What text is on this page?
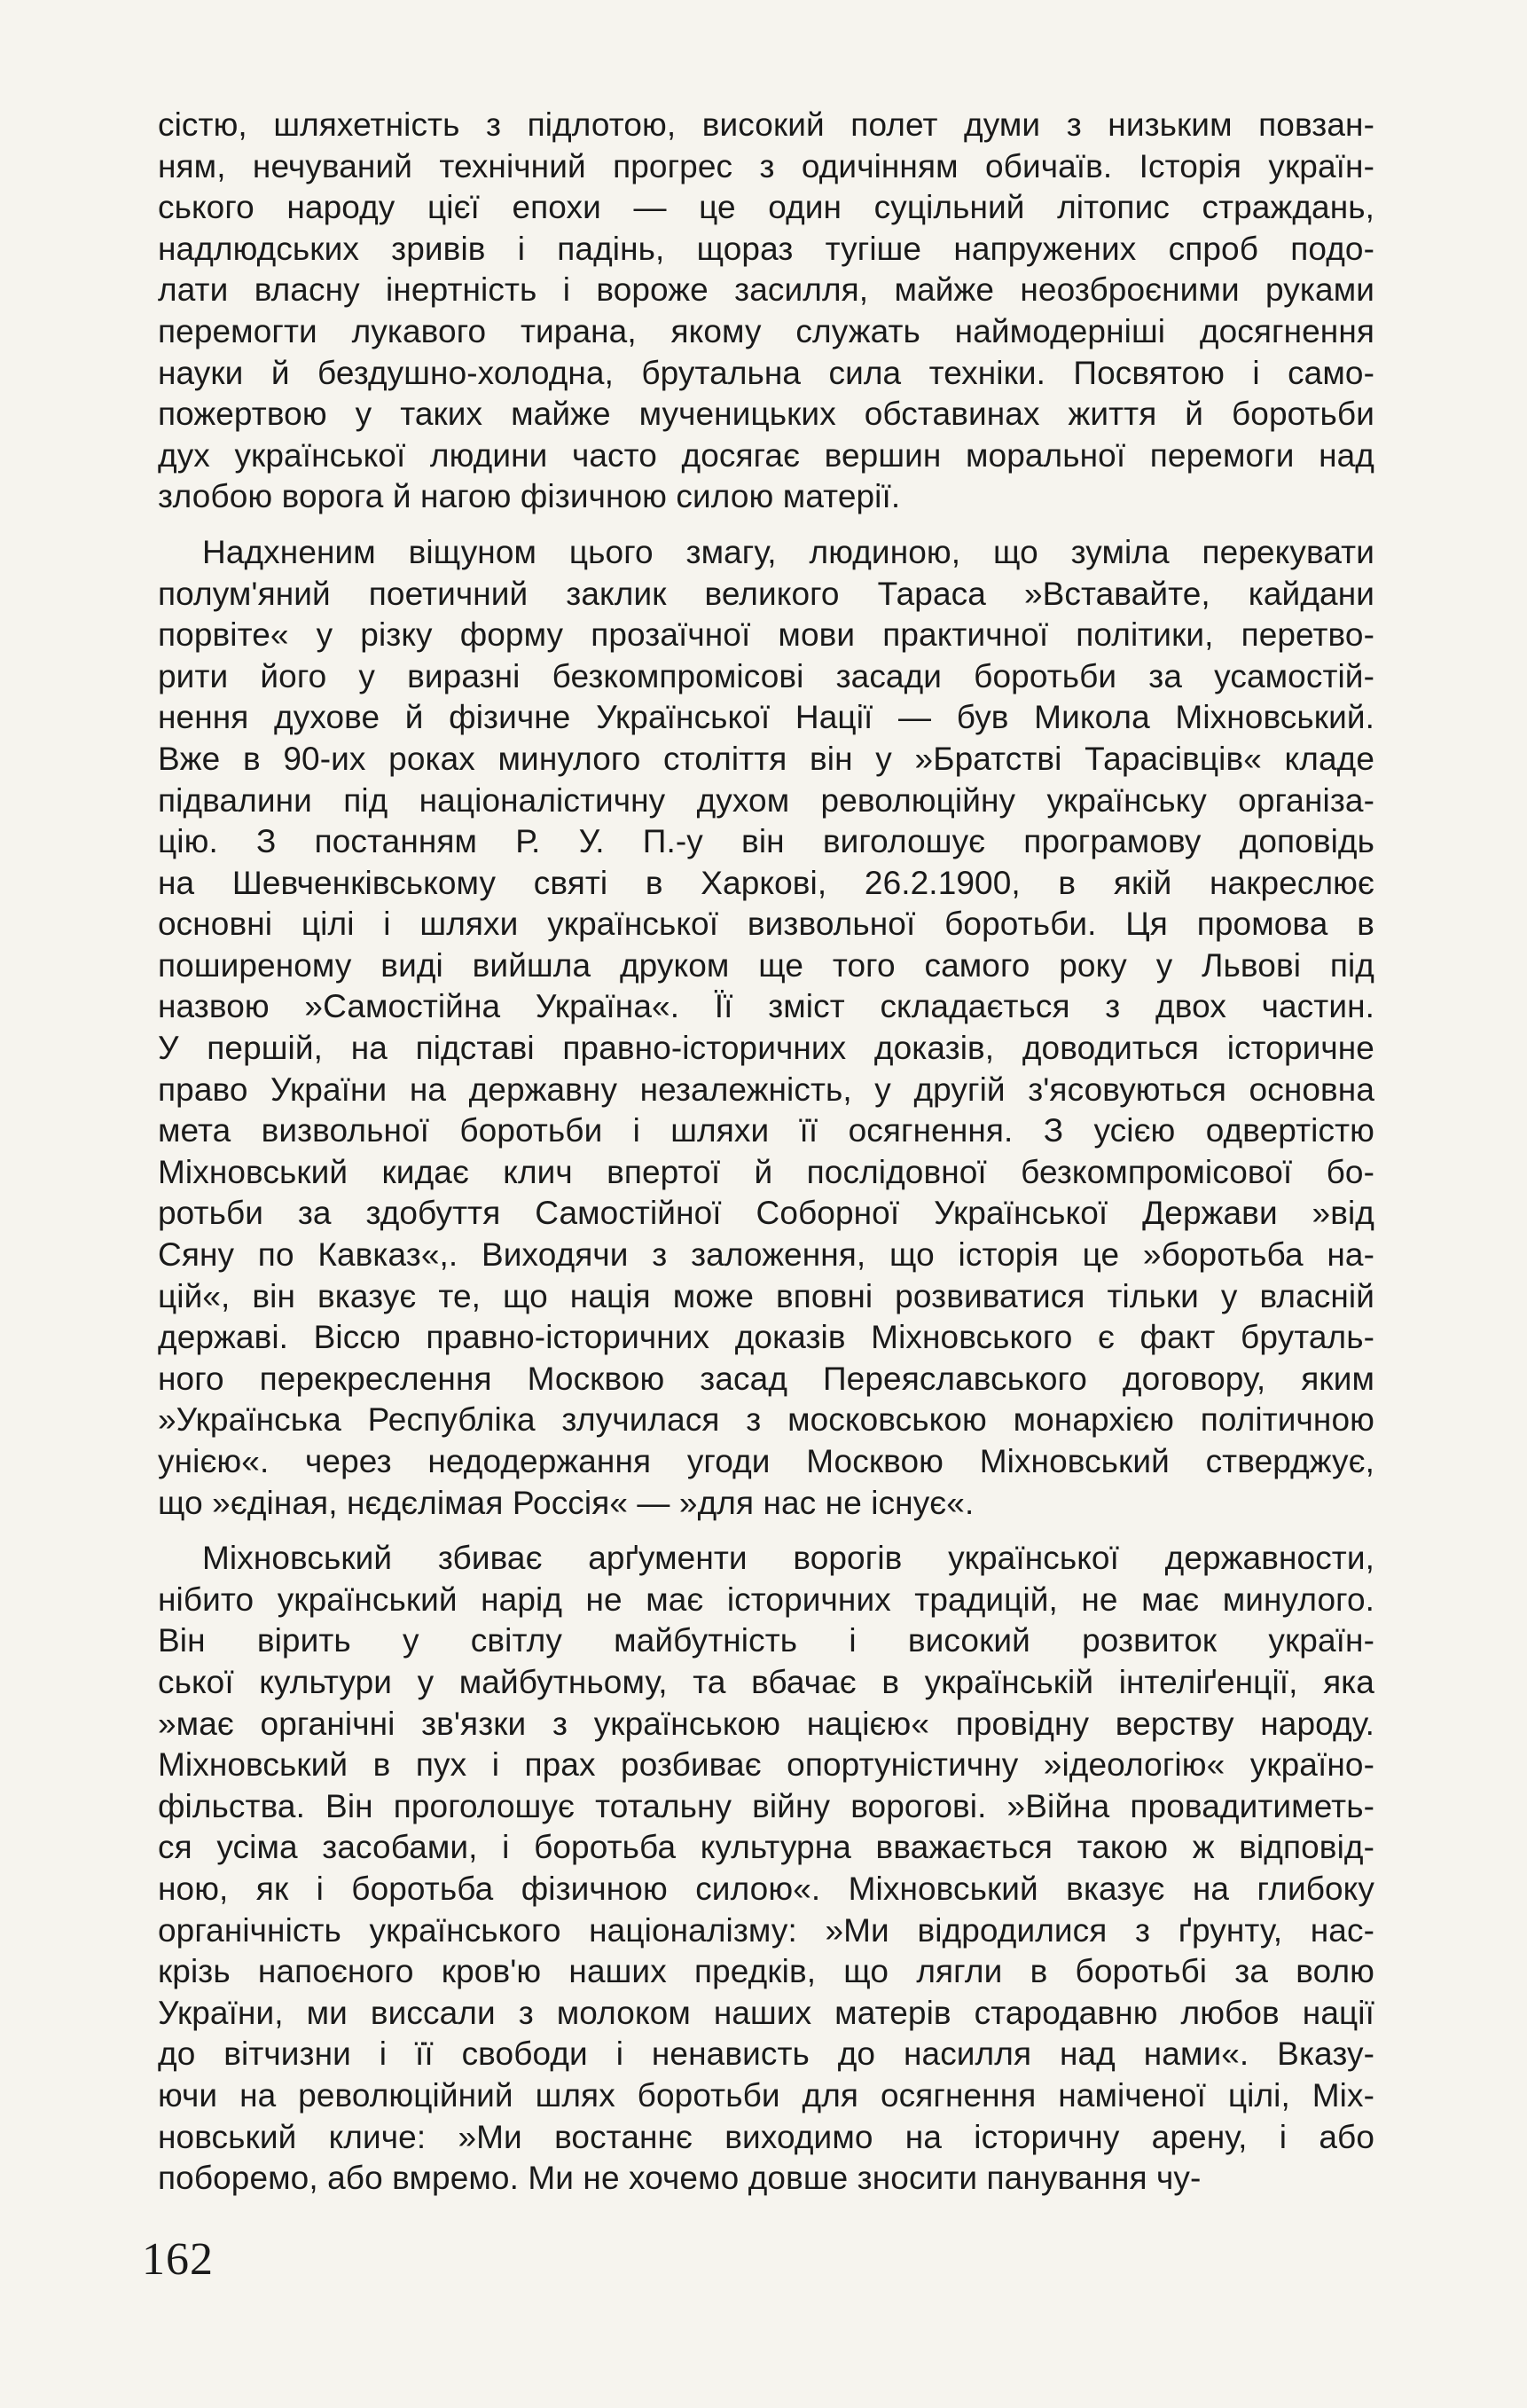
сістю, шляхетність з підлотою, високий полет думи з низьким повзан-
ням, нечуваний технічний прогрес з одичінням обичаїв. Історія україн-
ського народу цієї епохи — це один суцільний літопис страждань,
надлюдських зривів і падінь, щораз тугіше напружених спроб подо-
лати власну інертність і вороже засилля, майже неозброєними руками
перемогти лукавого тирана, якому служать наймодерніші досягнення
науки й бездушно-холодна, брутальна сила техніки. Посвятою і само-
пожертвою у таких майже мученицьких обставинах життя й боротьби
дух української людини часто досягає вершин моральної перемоги над
злобою ворога й нагою фізичною силою матерії.

Надхненим віщуном цього змагу, людиною, що зуміла перекувати
полум'яний поетичний заклик великого Тараса »Вставайте, кайдани
порвіте« у різку форму прозаїчної мови практичної політики, перетво-
рити його у виразні безкомпромісові засади боротьби за усамостій-
нення духове й фізичне Української Нації — був Микола Міхновський.
Вже в 90-их роках минулого століття він у »Братстві Тарасівців« кладе
підвалини під націоналістичну духом революційну українську організа-
цію. З постанням Р. У. П.-у він виголошує програмову доповідь
на Шевченківському святі в Харкові, 26.2.1900, в якій накреслює
основні цілі і шляхи української визвольної боротьби. Ця промова в
поширеному виді вийшла друком ще того самого року у Львові під
назвою »Самостійна Україна«. Її зміст складається з двох частин.
У першій, на підставі правно-історичних доказів, доводиться історичне
право України на державну незалежність, у другій з'ясовуються основна
мета визвольної боротьби і шляхи її осягнення. З усією одвертістю
Міхновський кидає клич впертої й послідовної безкомпромісової бо-
ротьби за здобуття Самостійної Соборної Української Держави »від
Сяну по Кавказ«,. Виходячи з заложення, що історія це »боротьба на-
цій«, він вказує те, що нація може вповні розвиватися тільки у власній
державі. Віссю правно-історичних доказів Міхновського є факт бруталь-
ного перекреслення Москвою засад Переяславського договору, яким
»Українська Республіка злучилася з московською монархією політичною
унією«. через недодержання угоди Москвою Міхновський стверджує,
що »єдіная, нєдєлімая Россія« — »для нас не існує«.

Міхновський збиває арґументи ворогів української державности,
нібито український нарід не має історичних традицій, не має минулого.
Він вірить у світлу майбутність і високий розвиток україн-
ської культури у майбутньому, та вбачає в українській інтеліґенції, яка
»має органічні зв'язки з українською нацією« провідну верству народу.
Міхновський в пух і прах розбиває опортуністичну »ідеологію« україно-
фільства. Він проголошує тотальну війну ворогові. »Війна провадитиметь-
ся усіма засобами, і боротьба культурна вважається такою ж відповід-
ною, як і боротьба фізичною силою«. Міхновський вказує на глибоку
органічність українського націоналізму: »Ми відродилися з ґрунту, нас-
крізь напоєного кров'ю наших предків, що лягли в боротьбі за волю
України, ми виссали з молоком наших матерів стародавню любов нації
до вітчизни і її свободи і ненависть до насилля над нами«. Вказу-
ючи на революційний шлях боротьби для осягнення наміченої цілі, Міх-
новський кличе: »Ми востаннє виходимо на історичну арену, і або
поборемо, або вмремо. Ми не хочемо довше зносити панування чу-

162
